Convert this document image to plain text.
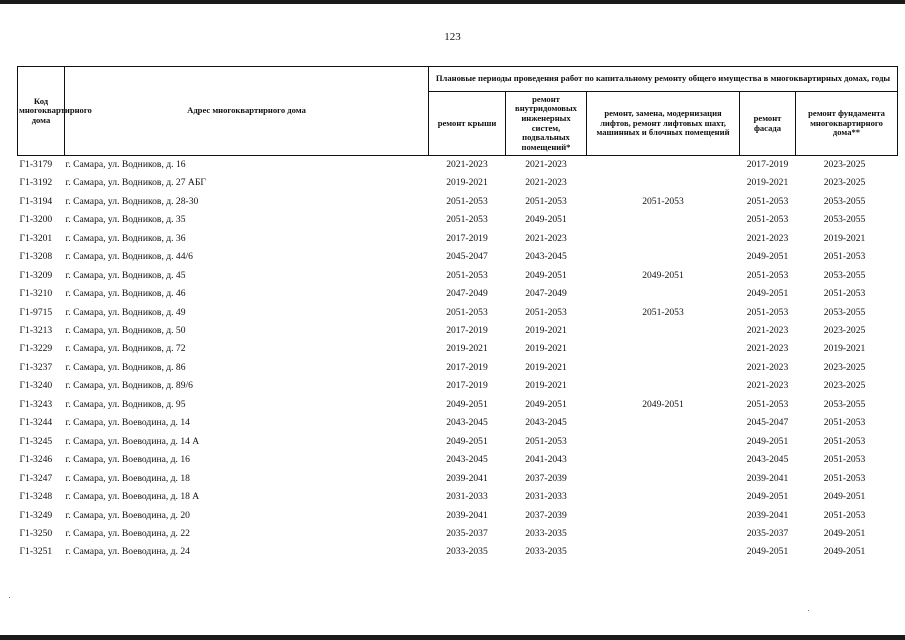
123
Код многоквартирного дома	Адрес многоквартирного дома	Плановые периоды проведения работ по капитальному ремонту общего имущества в многоквартирных домах, годы				
		ремонт крыши	ремонт внутридомовых инженерных систем, подвальных помещений*	ремонт, замена, модернизация лифтов, ремонт лифтовых шахт, машинных и блочных помещений	ремонт фасада	ремонт фундамента многоквартирного дома**
Г1-3179	г. Самара, ул. Водников, д. 16	2021-2023	2021-2023		2017-2019	2023-2025
Г1-3192	г. Самара, ул. Водников, д. 27 АБГ	2019-2021	2021-2023		2019-2021	2023-2025
Г1-3194	г. Самара, ул. Водников, д. 28-30	2051-2053	2051-2053	2051-2053	2051-2053	2053-2055
Г1-3200	г. Самара, ул. Водников, д. 35	2051-2053	2049-2051		2051-2053	2053-2055
Г1-3201	г. Самара, ул. Водников, д. 36	2017-2019	2021-2023		2021-2023	2019-2021
Г1-3208	г. Самара, ул. Водников, д. 44/6	2045-2047	2043-2045		2049-2051	2051-2053
Г1-3209	г. Самара, ул. Водников, д. 45	2051-2053	2049-2051	2049-2051	2051-2053	2053-2055
Г1-3210	г. Самара, ул. Водников, д. 46	2047-2049	2047-2049		2049-2051	2051-2053
Г1-9715	г. Самара, ул. Водников, д. 49	2051-2053	2051-2053	2051-2053	2051-2053	2053-2055
Г1-3213	г. Самара, ул. Водников, д. 50	2017-2019	2019-2021		2021-2023	2023-2025
Г1-3229	г. Самара, ул. Водников, д. 72	2019-2021	2019-2021		2021-2023	2019-2021
Г1-3237	г. Самара, ул. Водников, д. 86	2017-2019	2019-2021		2021-2023	2023-2025
Г1-3240	г. Самара, ул. Водников, д. 89/6	2017-2019	2019-2021		2021-2023	2023-2025
Г1-3243	г. Самара, ул. Водников, д. 95	2049-2051	2049-2051	2049-2051	2051-2053	2053-2055
Г1-3244	г. Самара, ул. Воеводина, д. 14	2043-2045	2043-2045		2045-2047	2051-2053
Г1-3245	г. Самара, ул. Воеводина, д. 14 А	2049-2051	2051-2053		2049-2051	2051-2053
Г1-3246	г. Самара, ул. Воеводина, д. 16	2043-2045	2041-2043		2043-2045	2051-2053
Г1-3247	г. Самара, ул. Воеводина, д. 18	2039-2041	2037-2039		2039-2041	2051-2053
Г1-3248	г. Самара, ул. Воеводина, д. 18 А	2031-2033	2031-2033		2049-2051	2049-2051
Г1-3249	г. Самара, ул. Воеводина, д. 20	2039-2041	2037-2039		2039-2041	2051-2053
Г1-3250	г. Самара, ул. Воеводина, д. 22	2035-2037	2033-2035		2035-2037	2049-2051
Г1-3251	г. Самара, ул. Воеводина, д. 24	2033-2035	2033-2035		2049-2051	2049-2051
